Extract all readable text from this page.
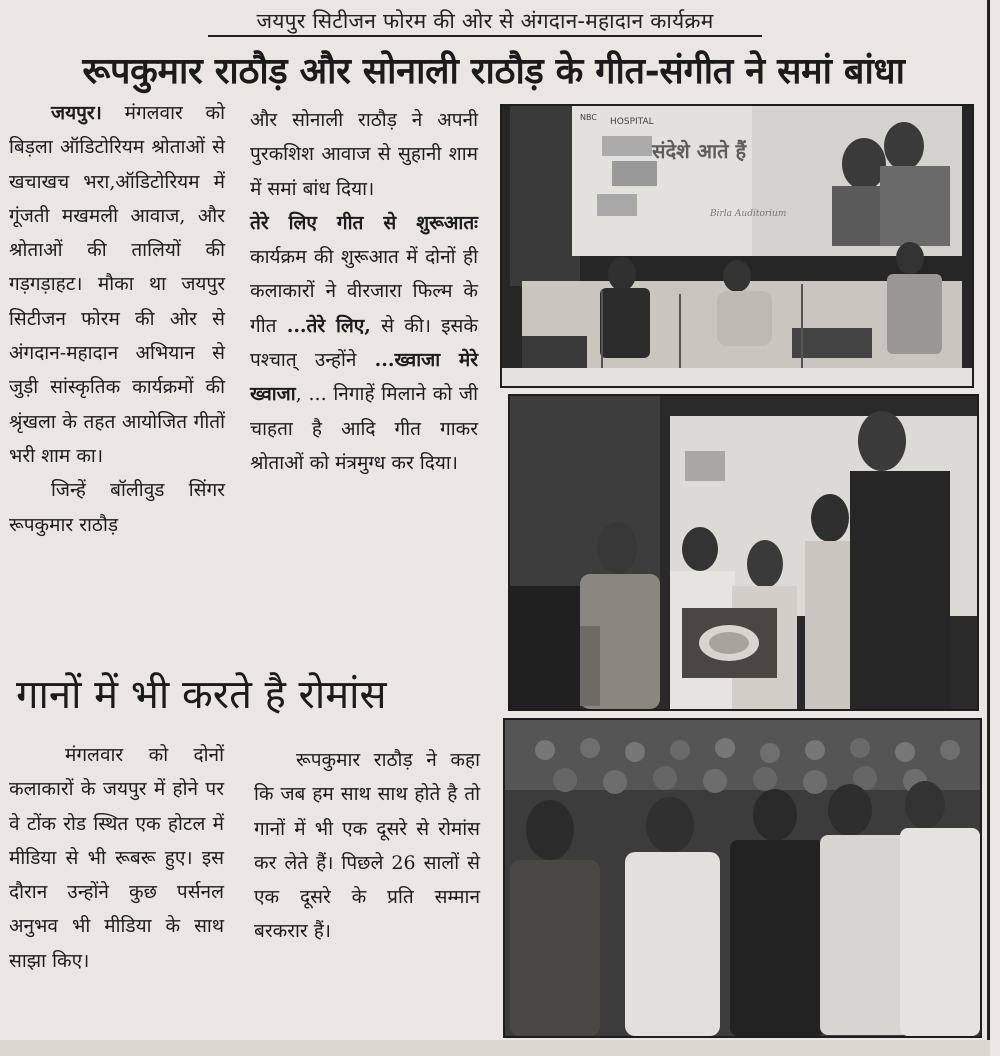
जयपुर सिटीजन फोरम की ओर से अंगदान-महादान कार्यक्रम
रूपकुमार राठौड़ और सोनाली राठौड़ के गीत-संगीत ने समां बांधा

जयपुर। मंगलवार को बिड़ला ऑडिटोरियम श्रोताओं से खचाखच भरा,ऑडिटोरियम में गूंजती मखमली आवाज, और श्रोताओं की तालियों की गड़गड़ाहट। मौका था जयपुर सिटीजन फोरम की ओर से अंगदान-महादान अभियान से जुड़ी सांस्कृतिक कार्यक्रमों की श्रृंखला के तहत आयोजित गीतों भरी शाम का।

जिन्हें बॉलीवुड सिंगर रूपकुमार राठौड़

और सोनाली राठौड़ ने अपनी पुरकशिश आवाज से सुहानी शाम में समां बांध दिया।

तेरे लिए गीत से शुरूआतः कार्यक्रम की शुरूआत में दोनों ही कलाकारों ने वीरजारा फिल्म के गीत ...तेरे लिए, से की। इसके पश्चात् उन्होंने ...ख्वाजा मेरे ख्वाजा, ... निगाहें मिलाने को जी चाहता है आदि गीत गाकर श्रोताओं को मंत्रमुग्ध कर दिया।

गानों में भी करते है रोमांस

मंगलवार को दोनों कलाकारों के जयपुर में होने पर वे टोंक रोड स्थित एक होटल में मीडिया से भी रूबरू हुए। इस दौरान उन्होंने कुछ पर्सनल अनुभव भी मीडिया के साथ साझा किए।

रूपकुमार राठौड़ ने कहा कि जब हम साथ साथ होते है तो गानों में भी एक दूसरे से रोमांस कर लेते हैं। पिछले 26 सालों से एक दूसरे के प्रति सम्मान बरकरार हैं।

NBC HOSPITAL
संदेशे आते हैं
Birla Auditorium
